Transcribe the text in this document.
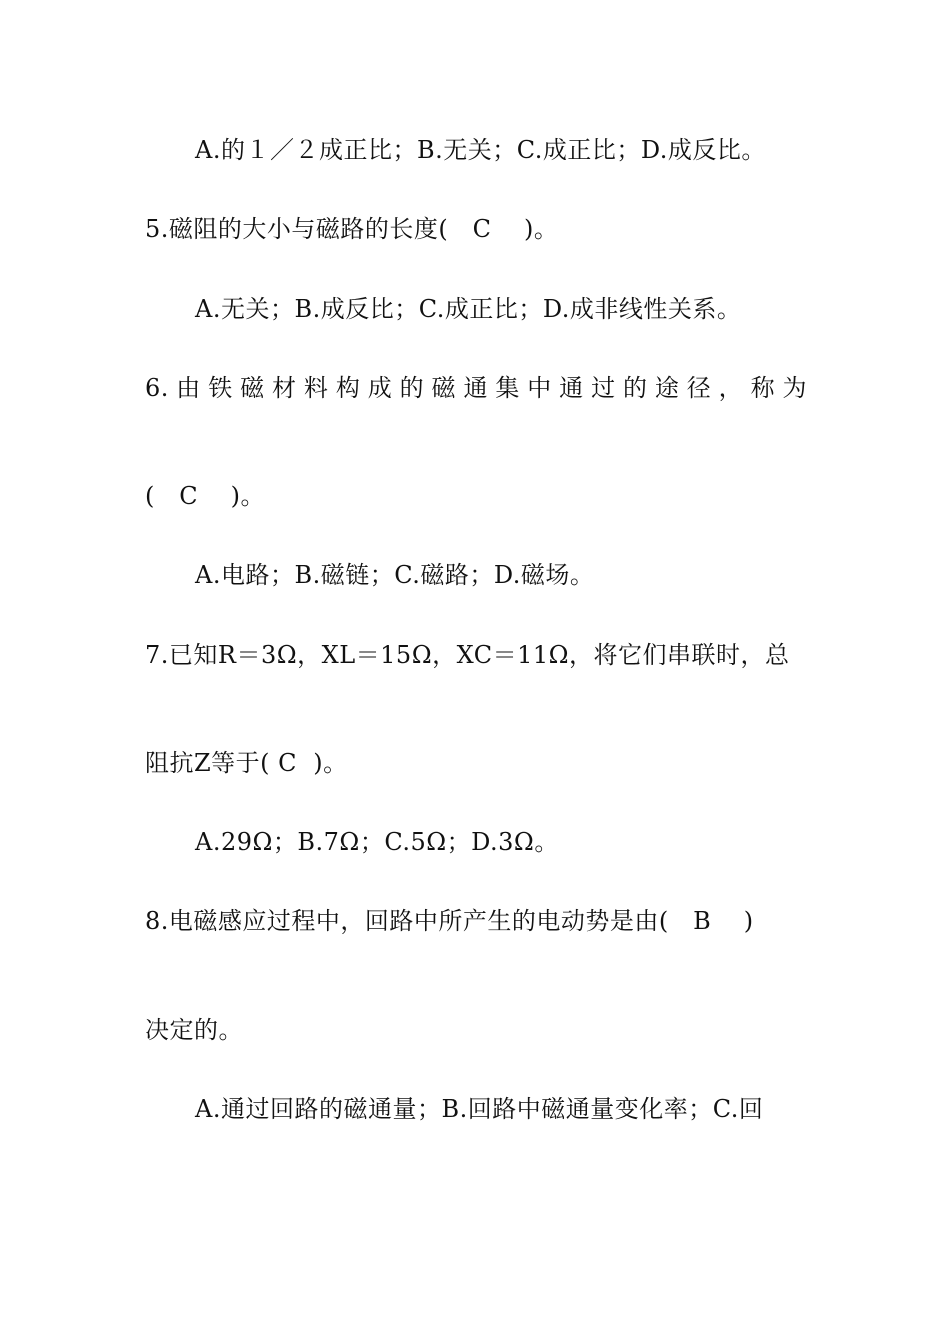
A.的１／２成正比；B.无关；C.成正比；D.成反比。
5.磁阻的大小与磁路的长度(   C    )。
A.无关；B.成反比；C.成正比；D.成非线性关系。
6.由铁磁材料构成的磁通集中通过的途径，称为
(   C    )。
A.电路；B.磁链；C.磁路；D.磁场。
7.已知R＝3Ω，XL＝15Ω，XC＝11Ω，将它们串联时，总
阻抗Z等于( C  )。
A.29Ω；B.7Ω；C.5Ω；D.3Ω。
8.电磁感应过程中，回路中所产生的电动势是由(   B    )
决定的。
A.通过回路的磁通量；B.回路中磁通量变化率；C.回
